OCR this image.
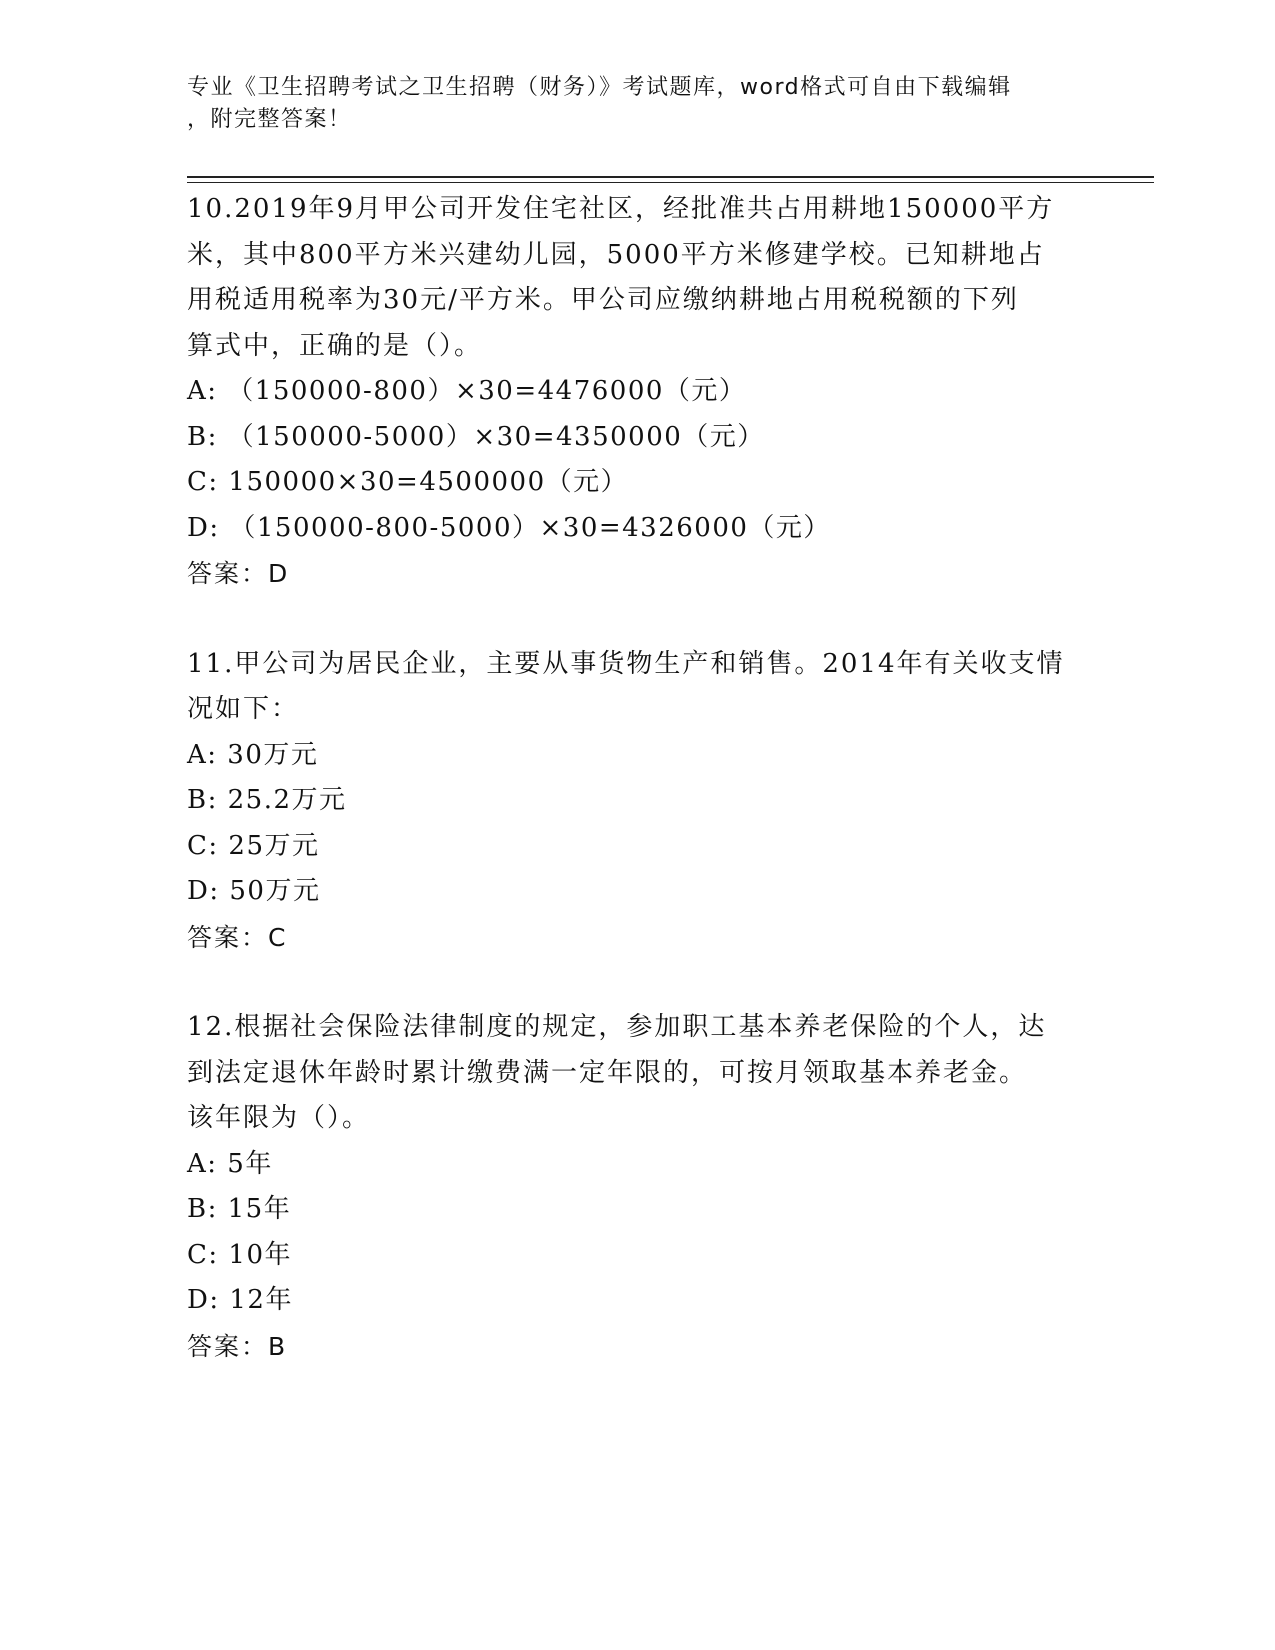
专业《卫生招聘考试之卫生招聘（财务）》考试题库，word格式可自由下载编辑
，附完整答案！
10.2019年9月甲公司开发住宅社区，经批准共占用耕地150000平方
米，其中800平方米兴建幼儿园，5000平方米修建学校。已知耕地占
用税适用税率为30元/平方米。甲公司应缴纳耕地占用税税额的下列
算式中，正确的是（）。
A: （150000-800）×30=4476000（元）
B: （150000-5000）×30=4350000（元）
C: 150000×30=4500000（元）
D: （150000-800-5000）×30=4326000（元）
答案：D
11.甲公司为居民企业，主要从事货物生产和销售。2014年有关收支情
况如下：
A: 30万元
B: 25.2万元
C: 25万元
D: 50万元
答案：C
12.根据社会保险法律制度的规定，参加职工基本养老保险的个人，达
到法定退休年龄时累计缴费满一定年限的，可按月领取基本养老金。
该年限为（）。
A: 5年
B: 15年
C: 10年
D: 12年
答案：B
